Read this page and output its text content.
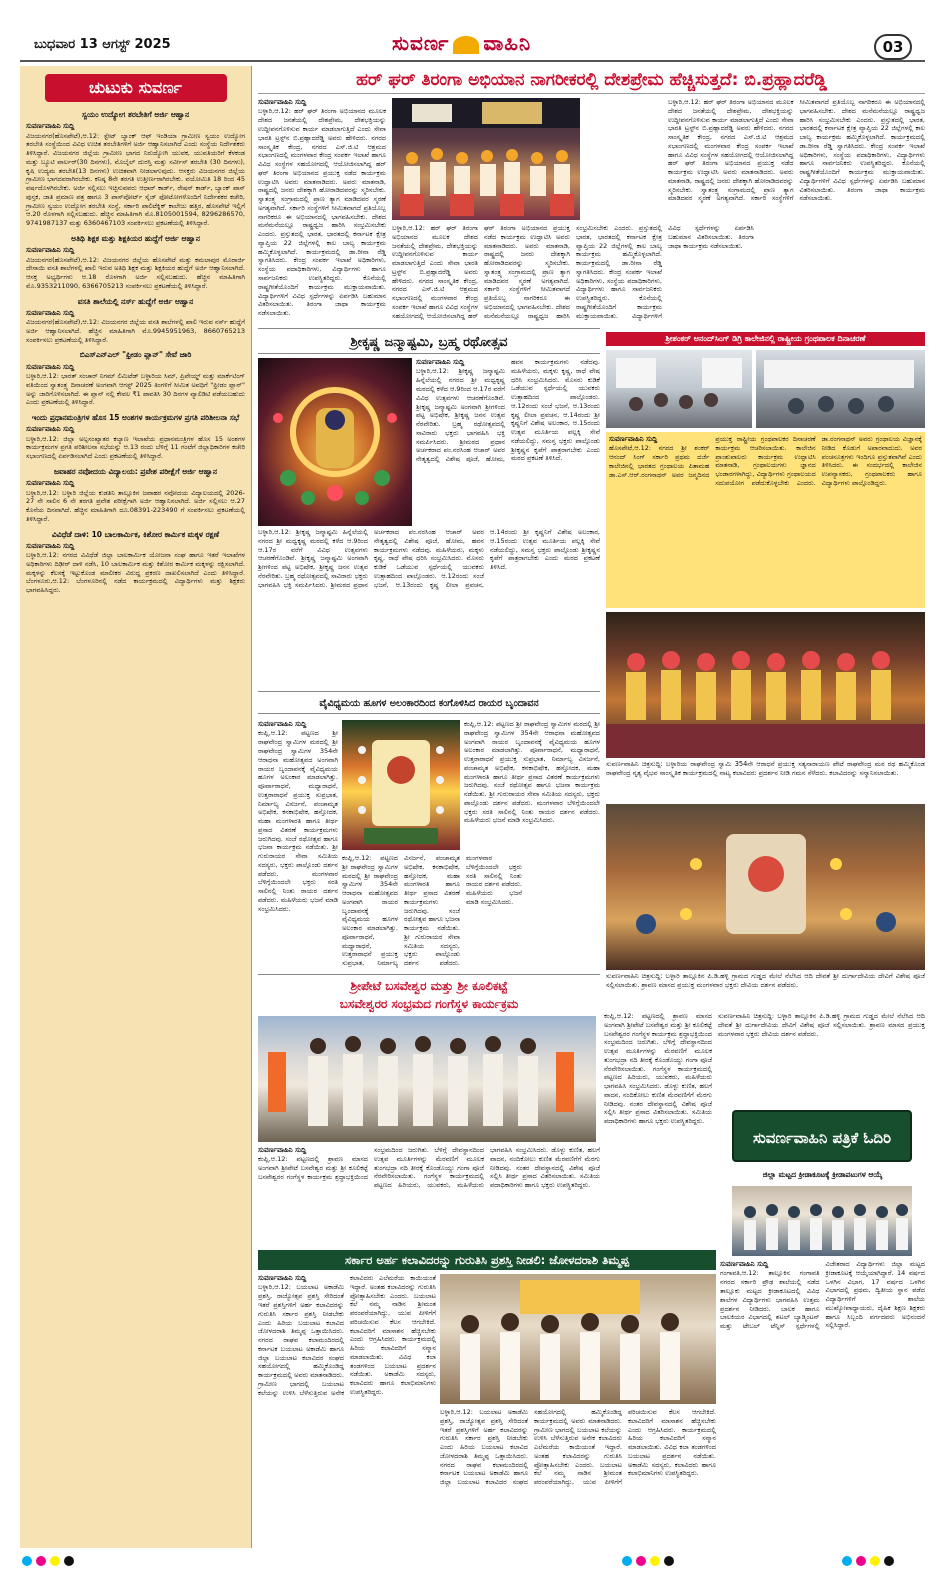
ಬುಧವಾರ 13 ಆಗಸ್ಟ್ 2025	ಸುವರ್ಣ ವಾಹಿನಿ	03
ಚುಟುಕು ಸುವರ್ಣ
ಸ್ವಯಂ ಉದ್ಯೋಗ ತರಬೇತಿಗೆ ಅರ್ಜಿ ಆಹ್ವಾನ
ಸುವರ್ಣವಾಹಿನಿ ಸುದ್ದಿ

ವಿಜಯನಗರ(ಹೊಸಪೇಟೆ),ಆ.12: ಸ್ಟೇಟ್ ಬ್ಯಾಂಕ್ ಆಫ್ ಇಂಡಿಯಾ ಗ್ರಾಮೀಣ ಸ್ವಯಂ ಉದ್ಯೋಗ ತರಬೇತಿ ಸಂಸ್ಥೆಯಿಂದ ವಿವಿಧ ಉಚಿತ ತರಬೇತಿಗಳಿಗೆ ಅರ್ಜಿ ಆಹ್ವಾನಿಸಲಾಗಿದೆ ಎಂದು ಸಂಸ್ಥೆಯ ನಿರ್ದೇಶಕರು ತಿಳಿಸಿದ್ದಾರೆ. ವಿಜಯನಗರ ಜಿಲ್ಲೆಯ ಗ್ರಾಮೀಣ ಭಾಗದ ನಿರುದ್ಯೋಗಿ ಯುವಕ, ಯುವತಿಯರಿಗೆ ಕೆಳಕಂಡ ಮತ್ತು ಬ್ಯೂಟಿ ಪಾರ್ಲರ್(30 ದಿನಗಳು), ಮೊಬೈಲ್ ದುರಸ್ತಿ ಮತ್ತು ಸರ್ವೀಸ್ ತರಬೇತಿ (30 ದಿನಗಳು), ಕೃಷಿ ಉದ್ಯಮ ತರಬೇತಿ(13 ದಿನಗಳು) ಉಚಿತವಾಗಿ ನೀಡಲಾಗುವುದು. ಆಸಕ್ತರು ವಿಜಯನಗರ ಜಿಲ್ಲೆಯ ಗ್ರಾಮೀಣ ಭಾಗದವರಾಗಿರಬೇಕು. ಕನಿಷ್ಠ 8ನೇ ತರಗತಿ ಉತ್ತೀರ್ಣರಾಗಿರಬೇಕು. ವಯೋಮಿತಿ 18 ರಿಂದ 45 ವರ್ಷದೊಳಗಿರಬೇಕು. ಅರ್ಜಿ ಸಲ್ಲಿಸಲು ಇಚ್ಛಿಸುವವರು ಆಧಾರ್ ಕಾರ್ಡ್, ರೇಷನ್ ಕಾರ್ಡ್, ಬ್ಯಾಂಕ್ ಪಾಸ್ ಪುಸ್ತಕ, ಜಾತಿ ಪ್ರಮಾಣ ಪತ್ರ ಹಾಗೂ 3 ಪಾಸ್‌ಪೋರ್ಟ್ ಸೈಜ್ ಫೋಟೋಗಳೊಂದಿಗೆ ನಿರ್ದೇಶಕರ ಕಚೇರಿ, ಗ್ರಾಮೀಣ ಸ್ವಯಂ ಉದ್ಯೋಗ ತರಬೇತಿ ಸಂಸ್ಥೆ, ಸರ್ಕಾರಿ ಪಾಲಿಟೆಕ್ನಿಕ್ ಕಾಲೇಜು ಹತ್ತಿರ, ಹೊಸಪೇಟೆ ಇಲ್ಲಿಗೆ ಆ.20 ರೊಳಗಾಗಿ ಸಲ್ಲಿಸಬಹುದು. ಹೆಚ್ಚಿನ ಮಾಹಿತಿಗಾಗಿ ಮೊ.8105001594, 8296286570, 9741987137 ಮತ್ತು 6360467103 ಸಂಪರ್ಕಿಸಲು ಪ್ರಕಟಣೆಯಲ್ಲಿ ತಿಳಿಸಿದ್ದಾರೆ.

ಅತಿಥಿ ಶಿಕ್ಷಕ ಮತ್ತು ಶಿಕ್ಷಕಿಯರ ಹುದ್ದೆಗೆ ಅರ್ಜಿ ಆಹ್ವಾನ
ಸುವರ್ಣವಾಹಿನಿ ಸುದ್ದಿ

ವಿಜಯನಗರ(ಹೊಸಪೇಟೆ),ಆ.12: ವಿಜಯನಗರ ಜಿಲ್ಲೆಯ ಹೊಸಪೇಟೆ ಮತ್ತು ಕಮಲಾಪುರ ಮೊರಾರ್ಜಿ ದೇಸಾಯಿ ವಸತಿ ಶಾಲೆಗಳಲ್ಲಿ ಖಾಲಿ ಇರುವ ಅತಿಥಿ ಶಿಕ್ಷಕ ಮತ್ತು ಶಿಕ್ಷಕಿಯರ ಹುದ್ದೆಗೆ ಅರ್ಜಿ ಆಹ್ವಾನಿಸಲಾಗಿದೆ. ಆಸಕ್ತ ಅಭ್ಯರ್ಥಿಗಳು ಆ.18 ರೊಳಗಾಗಿ ಅರ್ಜಿ ಸಲ್ಲಿಸಬಹುದು. ಹೆಚ್ಚಿನ ಮಾಹಿತಿಗಾಗಿ ಮೊ.9353211090, 6366705213 ಸಂಪರ್ಕಿಸಲು ಪ್ರಕಟಣೆಯಲ್ಲಿ ತಿಳಿಸಿದ್ದಾರೆ.

ವಸತಿ ಶಾಲೆಯಲ್ಲಿ ನರ್ಸ್ ಹುದ್ದೆಗೆ ಅರ್ಜಿ ಆಹ್ವಾನ
ಸುವರ್ಣವಾಹಿನಿ ಸುದ್ದಿ

ವಿಜಯನಗರ(ಹೊಸಪೇಟೆ),ಆ.12: ವಿಜಯನಗರ ಜಿಲ್ಲೆಯ ವಸತಿ ಶಾಲೆಗಳಲ್ಲಿ ಖಾಲಿ ಇರುವ ನರ್ಸ್ ಹುದ್ದೆಗೆ ಅರ್ಜಿ ಆಹ್ವಾನಿಸಲಾಗಿದೆ. ಹೆಚ್ಚಿನ ಮಾಹಿತಿಗಾಗಿ ಮೊ.9945951963, 8660765213 ಸಂಪರ್ಕಿಸಲು ಪ್ರಕಟಣೆಯಲ್ಲಿ ತಿಳಿಸಿದ್ದಾರೆ.

ಬಿಎಸ್‌ಎನ್‌ಎಲ್ "ಫ್ರೀಡಂ ಪ್ಲಾನ್" ಸೇವೆ ಜಾರಿ
ಸುವರ್ಣವಾಹಿನಿ ಸುದ್ದಿ

ಬಳ್ಳಾರಿ,ಆ.12: ಭಾರತ್ ಸಂಚಾರ್ ನಿಗಮ್ ಲಿಮಿಟೆಡ್ ಬಳ್ಳಾರಿಯ ಸಿಮ್, ಪ್ರಿಪೇಯ್ಡ್ ಮತ್ತು ಮಾರ್ಕೆಟಿಂಗ್ ವತಿಯಿಂದ ಸ್ವಾತಂತ್ರ್ಯ ದಿನಾಚರಣೆ ಅಂಗವಾಗಿ ಆಗಸ್ಟ್ 2025 ತಿಂಗಳಿಗೆ ಸೀಮಿತ ಅವಧಿಗೆ "ಫ್ರೀಡಂ ಪ್ಲಾನ್" ಅನ್ನು ಜಾರಿಗೊಳಿಸಲಾಗಿದೆ. ಈ ಪ್ಲಾನ್ ನಲ್ಲಿ ಕೇವಲ ₹1 ಪಾವತಿಸಿ 30 ದಿನಗಳ ವ್ಯಾಲಿಡಿಟಿ ಪಡೆಯಬಹುದು ಎಂದು ಪ್ರಕಟಣೆಯಲ್ಲಿ ತಿಳಿಸಿದ್ದಾರೆ.

ಇಂದು ಪ್ರಧಾನಮಂತ್ರಿಗಳ ಹೊಸ 15 ಅಂಶಗಳ ಕಾರ್ಯಕ್ರಮಗಳ ಪ್ರಗತಿ ಪರಿಶೀಲನಾ ಸಭೆ
ಸುವರ್ಣವಾಹಿನಿ ಸುದ್ದಿ

ಬಳ್ಳಾರಿ,ಆ.12: ಜಿಲ್ಲಾ ಅಲ್ಪಸಂಖ್ಯಾತರ ಕಲ್ಯಾಣ ಇಲಾಖೆಯ ಪ್ರಧಾನಮಂತ್ರಿಗಳ ಹೊಸ 15 ಅಂಶಗಳ ಕಾರ್ಯಕ್ರಮಗಳ ಪ್ರಗತಿ ಪರಿಶೀಲನಾ ಸಭೆಯನ್ನು ಆ.13 ರಂದು ಬೆಳಿಗ್ಗೆ 11 ಗಂಟೆಗೆ ಜಿಲ್ಲಾಧಿಕಾರಿಗಳ ಕಚೇರಿ ಸಭಾಂಗಣದಲ್ಲಿ ಏರ್ಪಡಿಸಲಾಗಿದೆ ಎಂದು ಪ್ರಕಟಣೆಯಲ್ಲಿ ತಿಳಿಸಿದ್ದಾರೆ.

ಜವಾಹರ ನವೋದಯ ವಿದ್ಯಾಲಯ: ಪ್ರವೇಶ ಪರೀಕ್ಷೆಗೆ ಅರ್ಜಿ ಆಹ್ವಾನ
ಸುವರ್ಣವಾಹಿನಿ ಸುದ್ದಿ

ಬಳ್ಳಾರಿ,ಆ.12: ಬಳ್ಳಾರಿ ಜಿಲ್ಲೆಯ ಕುಡತಿನಿ ತಾಲ್ಲೂಕಿನ ಜವಾಹರ ನವೋದಯ ವಿದ್ಯಾಲಯದಲ್ಲಿ 2026-27 ನೇ ಸಾಲಿನ 6 ನೇ ತರಗತಿ ಪ್ರವೇಶ ಪರೀಕ್ಷೆಗಾಗಿ ಅರ್ಜಿ ಆಹ್ವಾನಿಸಲಾಗಿದೆ. ಅರ್ಜಿ ಸಲ್ಲಿಸಲು ಆ.27 ಕೊನೆಯ ದಿನವಾಗಿದೆ. ಹೆಚ್ಚಿನ ಮಾಹಿತಿಗಾಗಿ ದೂ.08391-223490 ಗೆ ಸಂಪರ್ಕಿಸಲು ಪ್ರಕಟಣೆಯಲ್ಲಿ ತಿಳಿಸಿದ್ದಾರೆ.

ವಿವಿಧೆಡೆ ದಾಳಿ: 10 ಬಾಲಕಾರ್ಮಿಕ, ಕಿಶೋರ ಕಾರ್ಮಿಕ ಮಕ್ಕಳ ರಕ್ಷಣೆ
ಸುವರ್ಣವಾಹಿನಿ ಸುದ್ದಿ

ಬಳ್ಳಾರಿ,ಆ.12: ನಗರದ ವಿವಿಧೆಡೆ ಜಿಲ್ಲಾ ಬಾಲಕಾರ್ಮಿಕ ಯೋಜನಾ ಸಂಘ ಹಾಗೂ ಇತರೆ ಇಲಾಖೆಗಳ ಅಧಿಕಾರಿಗಳು ದಿಢೀರ್ ದಾಳಿ ನಡೆಸಿ, 10 ಬಾಲಕಾರ್ಮಿಕ ಮತ್ತು ಕಿಶೋರ ಕಾರ್ಮಿಕ ಮಕ್ಕಳನ್ನು ರಕ್ಷಿಸಲಾಗಿದೆ. ಮಕ್ಕಳನ್ನು ಕೆಲಸಕ್ಕೆ ಇಟ್ಟುಕೊಂಡ ಮಾಲೀಕರ ವಿರುದ್ಧ ಪ್ರಕರಣ ದಾಖಲಿಸಲಾಗಿದೆ ಎಂದು ತಿಳಿಸಿದ್ದಾರೆ. ಬೆಂಗಳೂರು,ಆ.12: ಬೆಂಗಳೂರಿನಲ್ಲಿ ನಡೆದ ಕಾರ್ಯಕ್ರಮದಲ್ಲಿ ವಿದ್ಯಾರ್ಥಿಗಳು ಮತ್ತು ಶಿಕ್ಷಕರು ಭಾಗವಹಿಸಿದ್ದರು.

ಹರ್ ಘರ್ ತಿರಂಗಾ ಅಭಿಯಾನ ನಾಗರೀಕರಲ್ಲಿ ದೇಶಪ್ರೇಮ ಹೆಚ್ಚಿಸುತ್ತದೆ: ಬಿ.ಪ್ರಹ್ಲಾದರೆಡ್ಡಿ
ಸುವರ್ಣವಾಹಿನಿ ಸುದ್ದಿ
ಬಳ್ಳಾರಿ,ಆ.12: ಹರ್ ಘರ್ ತಿರಂಗಾ ಅಭಿಯಾನದ ಮೂಲಕ ದೇಶದ ಜನತೆಯಲ್ಲಿ ದೇಶಪ್ರೇಮ, ದೇಶಭಕ್ತಿಯನ್ನು ಉದ್ದೀಪನಗೊಳಿಸುವ ಕಾರ್ಯ ಮಾಡಲಾಗುತ್ತಿದೆ ಎಂದು ಸೇವಾ ಭಾರತಿ ಟ್ರಸ್ಟ್‌ನ ಬಿ.ಪ್ರಹ್ಲಾದರೆಡ್ಡಿ ಅವರು ಹೇಳಿದರು. ನಗರದ ಸಾಂಸ್ಕೃತಿಕ ಕೇಂದ್ರ, ನಗರದ ಎಸ್.ಜಿ.ಟಿ ಆಶ್ರಮದ ಸಭಾಂಗಣದಲ್ಲಿ ಮಂಗಳವಾರ ಕೇಂದ್ರ ಸಂಪರ್ಕ ಇಲಾಖೆ ಹಾಗೂ ವಿವಿಧ ಸಂಸ್ಥೆಗಳ ಸಹಯೋಗದಲ್ಲಿ ಆಯೋಜಿಸಲಾಗಿದ್ದ ಹರ್ ಘರ್ ತಿರಂಗಾ ಅಭಿಯಾನದ ಪ್ರಯುಕ್ತ ನಡೆದ ಕಾರ್ಯಕ್ರಮ ಉದ್ಘಾಟಿಸಿ ಅವರು ಮಾತನಾಡಿದರು. ಅವರು ಮಾತನಾಡಿ, ರಾಷ್ಟ್ರದಲ್ಲಿ ಜನರು ದೇಶಕ್ಕಾಗಿ ಹೋರಾಡಿದವರನ್ನು ಸ್ಮರಿಸಬೇಕು. ಸ್ವಾತಂತ್ರ್ಯ ಸಂಗ್ರಾಮದಲ್ಲಿ ಪ್ರಾಣ ತ್ಯಾಗ ಮಾಡಿದವರ ಸ್ಮರಣೆ ಅಗತ್ಯವಾಗಿದೆ. ಸರ್ಕಾರಿ ಸಂಸ್ಥೆಗಳಿಗೆ ಸೀಮಿತವಾಗದೆ ಪ್ರತಿಯೊಬ್ಬ ನಾಗರಿಕರೂ ಈ ಅಭಿಯಾನದಲ್ಲಿ ಭಾಗವಹಿಸಬೇಕು. ದೇಶದ ಮನೆಮನೆಯಲ್ಲೂ ರಾಷ್ಟ್ರಧ್ವಜ ಹಾರಿಸಿ ಸಂಭ್ರಮಿಸಬೇಕು ಎಂದರು. ಪ್ರಸ್ತುತದಲ್ಲಿ ಭಾರತ, ಭಾರತದಲ್ಲಿ ಕರ್ನಾಟಕ ಕ್ಷೇತ್ರ ವ್ಯಾಪ್ತಿಯ 22 ಜಿಲ್ಲೆಗಳಲ್ಲಿ ಕಾಲ ಬಾಲ್ಯ ಕಾರ್ಯಕ್ರಮ ಹಮ್ಮಿಕೊಳ್ಳಲಾಗಿದೆ. ಕಾರ್ಯಕ್ರಮದಲ್ಲಿ ಡಾ.ರೀನಾ ರೆಡ್ಡಿ ಸ್ವಾಗತಿಸಿದರು. ಕೇಂದ್ರ ಸಂಪರ್ಕ ಇಲಾಖೆ ಅಧಿಕಾರಿಗಳು, ಸಂಸ್ಥೆಯ ಪದಾಧಿಕಾರಿಗಳು, ವಿದ್ಯಾರ್ಥಿಗಳು ಹಾಗೂ ಸಾರ್ವಜನಿಕರು ಉಪಸ್ಥಿತರಿದ್ದರು. ಕೊನೆಯಲ್ಲಿ ರಾಷ್ಟ್ರಗೀತೆಯೊಂದಿಗೆ ಕಾರ್ಯಕ್ರಮ ಮುಕ್ತಾಯವಾಯಿತು. ವಿದ್ಯಾರ್ಥಿಗಳಿಗೆ ವಿವಿಧ ಸ್ಪರ್ಧೆಗಳನ್ನು ಏರ್ಪಡಿಸಿ ಬಹುಮಾನ ವಿತರಿಸಲಾಯಿತು. ತಿರಂಗಾ ಜಾಥಾ ಕಾರ್ಯಕ್ರಮ ನಡೆಸಲಾಯಿತು.
ಬಳ್ಳಾರಿ,ಆ.12: ಹರ್ ಘರ್ ತಿರಂಗಾ ಅಭಿಯಾನದ ಮೂಲಕ ದೇಶದ ಜನತೆಯಲ್ಲಿ ದೇಶಪ್ರೇಮ, ದೇಶಭಕ್ತಿಯನ್ನು ಉದ್ದೀಪನಗೊಳಿಸುವ ಕಾರ್ಯ ಮಾಡಲಾಗುತ್ತಿದೆ ಎಂದು ಸೇವಾ ಭಾರತಿ ಟ್ರಸ್ಟ್‌ನ ಬಿ.ಪ್ರಹ್ಲಾದರೆಡ್ಡಿ ಅವರು ಹೇಳಿದರು. ನಗರದ ಸಾಂಸ್ಕೃತಿಕ ಕೇಂದ್ರ, ನಗರದ ಎಸ್.ಜಿ.ಟಿ ಆಶ್ರಮದ ಸಭಾಂಗಣದಲ್ಲಿ ಮಂಗಳವಾರ ಕೇಂದ್ರ ಸಂಪರ್ಕ ಇಲಾಖೆ ಹಾಗೂ ವಿವಿಧ ಸಂಸ್ಥೆಗಳ ಸಹಯೋಗದಲ್ಲಿ ಆಯೋಜಿಸಲಾಗಿದ್ದ ಹರ್ ಘರ್ ತಿರಂಗಾ ಅಭಿಯಾನದ ಪ್ರಯುಕ್ತ ನಡೆದ ಕಾರ್ಯಕ್ರಮ ಉದ್ಘಾಟಿಸಿ ಅವರು ಮಾತನಾಡಿದರು. ಅವರು ಮಾತನಾಡಿ, ರಾಷ್ಟ್ರದಲ್ಲಿ ಜನರು ದೇಶಕ್ಕಾಗಿ ಹೋರಾಡಿದವರನ್ನು ಸ್ಮರಿಸಬೇಕು. ಸ್ವಾತಂತ್ರ್ಯ ಸಂಗ್ರಾಮದಲ್ಲಿ ಪ್ರಾಣ ತ್ಯಾಗ ಮಾಡಿದವರ ಸ್ಮರಣೆ ಅಗತ್ಯವಾಗಿದೆ. ಸರ್ಕಾರಿ ಸಂಸ್ಥೆಗಳಿಗೆ ಸೀಮಿತವಾಗದೆ ಪ್ರತಿಯೊಬ್ಬ ನಾಗರಿಕರೂ ಈ ಅಭಿಯಾನದಲ್ಲಿ ಭಾಗವಹಿಸಬೇಕು. ದೇಶದ ಮನೆಮನೆಯಲ್ಲೂ ರಾಷ್ಟ್ರಧ್ವಜ ಹಾರಿಸಿ ಸಂಭ್ರಮಿಸಬೇಕು ಎಂದರು. ಪ್ರಸ್ತುತದಲ್ಲಿ ಭಾರತ, ಭಾರತದಲ್ಲಿ ಕರ್ನಾಟಕ ಕ್ಷೇತ್ರ ವ್ಯಾಪ್ತಿಯ 22 ಜಿಲ್ಲೆಗಳಲ್ಲಿ ಕಾಲ ಬಾಲ್ಯ ಕಾರ್ಯಕ್ರಮ ಹಮ್ಮಿಕೊಳ್ಳಲಾಗಿದೆ. ಕಾರ್ಯಕ್ರಮದಲ್ಲಿ ಡಾ.ರೀನಾ ರೆಡ್ಡಿ ಸ್ವಾಗತಿಸಿದರು. ಕೇಂದ್ರ ಸಂಪರ್ಕ ಇಲಾಖೆ ಅಧಿಕಾರಿಗಳು, ಸಂಸ್ಥೆಯ ಪದಾಧಿಕಾರಿಗಳು, ವಿದ್ಯಾರ್ಥಿಗಳು ಹಾಗೂ ಸಾರ್ವಜನಿಕರು ಉಪಸ್ಥಿತರಿದ್ದರು. ಕೊನೆಯಲ್ಲಿ ರಾಷ್ಟ್ರಗೀತೆಯೊಂದಿಗೆ ಕಾರ್ಯಕ್ರಮ ಮುಕ್ತಾಯವಾಯಿತು. ವಿದ್ಯಾರ್ಥಿಗಳಿಗೆ ವಿವಿಧ ಸ್ಪರ್ಧೆಗಳನ್ನು ಏರ್ಪಡಿಸಿ ಬಹುಮಾನ ವಿತರಿಸಲಾಯಿತು. ತಿರಂಗಾ ಜಾಥಾ ಕಾರ್ಯಕ್ರಮ ನಡೆಸಲಾಯಿತು.
ಬಳ್ಳಾರಿ,ಆ.12: ಹರ್ ಘರ್ ತಿರಂಗಾ ಅಭಿಯಾನದ ಮೂಲಕ ದೇಶದ ಜನತೆಯಲ್ಲಿ ದೇಶಪ್ರೇಮ, ದೇಶಭಕ್ತಿಯನ್ನು ಉದ್ದೀಪನಗೊಳಿಸುವ ಕಾರ್ಯ ಮಾಡಲಾಗುತ್ತಿದೆ ಎಂದು ಸೇವಾ ಭಾರತಿ ಟ್ರಸ್ಟ್‌ನ ಬಿ.ಪ್ರಹ್ಲಾದರೆಡ್ಡಿ ಅವರು ಹೇಳಿದರು. ನಗರದ ಸಾಂಸ್ಕೃತಿಕ ಕೇಂದ್ರ, ನಗರದ ಎಸ್.ಜಿ.ಟಿ ಆಶ್ರಮದ ಸಭಾಂಗಣದಲ್ಲಿ ಮಂಗಳವಾರ ಕೇಂದ್ರ ಸಂಪರ್ಕ ಇಲಾಖೆ ಹಾಗೂ ವಿವಿಧ ಸಂಸ್ಥೆಗಳ ಸಹಯೋಗದಲ್ಲಿ ಆಯೋಜಿಸಲಾಗಿದ್ದ ಹರ್ ಘರ್ ತಿರಂಗಾ ಅಭಿಯಾನದ ಪ್ರಯುಕ್ತ ನಡೆದ ಕಾರ್ಯಕ್ರಮ ಉದ್ಘಾಟಿಸಿ ಅವರು ಮಾತನಾಡಿದರು. ಅವರು ಮಾತನಾಡಿ, ರಾಷ್ಟ್ರದಲ್ಲಿ ಜನರು ದೇಶಕ್ಕಾಗಿ ಹೋರಾಡಿದವರನ್ನು ಸ್ಮರಿಸಬೇಕು. ಸ್ವಾತಂತ್ರ್ಯ ಸಂಗ್ರಾಮದಲ್ಲಿ ಪ್ರಾಣ ತ್ಯಾಗ ಮಾಡಿದವರ ಸ್ಮರಣೆ ಅಗತ್ಯವಾಗಿದೆ. ಸರ್ಕಾರಿ ಸಂಸ್ಥೆಗಳಿಗೆ ಸೀಮಿತವಾಗದೆ ಪ್ರತಿಯೊಬ್ಬ ನಾಗರಿಕರೂ ಈ ಅಭಿಯಾನದಲ್ಲಿ ಭಾಗವಹಿಸಬೇಕು. ದೇಶದ ಮನೆಮನೆಯಲ್ಲೂ ರಾಷ್ಟ್ರಧ್ವಜ ಹಾರಿಸಿ ಸಂಭ್ರಮಿಸಬೇಕು ಎಂದರು. ಪ್ರಸ್ತುತದಲ್ಲಿ ಭಾರತ, ಭಾರತದಲ್ಲಿ ಕರ್ನಾಟಕ ಕ್ಷೇತ್ರ ವ್ಯಾಪ್ತಿಯ 22 ಜಿಲ್ಲೆಗಳಲ್ಲಿ ಕಾಲ ಬಾಲ್ಯ ಕಾರ್ಯಕ್ರಮ ಹಮ್ಮಿಕೊಳ್ಳಲಾಗಿದೆ. ಕಾರ್ಯಕ್ರಮದಲ್ಲಿ ಡಾ.ರೀನಾ ರೆಡ್ಡಿ ಸ್ವಾಗತಿಸಿದರು. ಕೇಂದ್ರ ಸಂಪರ್ಕ ಇಲಾಖೆ ಅಧಿಕಾರಿಗಳು, ಸಂಸ್ಥೆಯ ಪದಾಧಿಕಾರಿಗಳು, ವಿದ್ಯಾರ್ಥಿಗಳು ಹಾಗೂ ಸಾರ್ವಜನಿಕರು ಉಪಸ್ಥಿತರಿದ್ದರು. ಕೊನೆಯಲ್ಲಿ ರಾಷ್ಟ್ರಗೀತೆಯೊಂದಿಗೆ ಕಾರ್ಯಕ್ರಮ ಮುಕ್ತಾಯವಾಯಿತು. ವಿದ್ಯಾರ್ಥಿಗಳಿಗೆ ವಿವಿಧ ಸ್ಪರ್ಧೆಗಳನ್ನು ಏರ್ಪಡಿಸಿ ಬಹುಮಾನ ವಿತರಿಸಲಾಯಿತು. ತಿರಂಗಾ ಜಾಥಾ ಕಾರ್ಯಕ್ರಮ ನಡೆಸಲಾಯಿತು.
ಶ್ರೀಕೃಷ್ಣ ಜನ್ಮಾಷ್ಟಮಿ, ಬ್ರಹ್ಮ ರಥೋತ್ಸವ
ಸುವರ್ಣವಾಹಿನಿ ಸುದ್ದಿ
ಬಳ್ಳಾರಿ,ಆ.12: ಶ್ರೀಕೃಷ್ಣ ಜನ್ಮಾಷ್ಟಮಿ ಹಿನ್ನೆಲೆಯಲ್ಲಿ ನಗರದ ಶ್ರೀ ಮಧ್ವಕೃಷ್ಣ ಮಠದಲ್ಲಿ ಕಳೆದ ಆ.9ರಿಂದ ಆ.17ರ ವರೆಗೆ ವಿವಿಧ ಉತ್ಸವಗಳು ಆಚರಣೆಗೊಂಡಿವೆ. ಶ್ರೀಕೃಷ್ಣ ಜನ್ಮಾಷ್ಟಮಿ ಅಂಗವಾಗಿ ಶ್ರೀಗಳಿಂದ ಪಟ್ಟ ಅಭಿಷೇಕ, ಶ್ರೀಕೃಷ್ಣ ಜನನ ಉತ್ಸವ ನೆರವೇರಿತು. ಬ್ರಹ್ಮ ರಥೋತ್ಸವದಲ್ಲಿ ಸಾವಿರಾರು ಭಕ್ತರು ಭಾಗವಹಿಸಿ ಭಕ್ತಿ ಸಮರ್ಪಿಸಿದರು. ಶ್ರೀಮಠದ ಪ್ರಧಾನ ಅರ್ಚಕರಾದ ಪಂ.ನರಸಿಂಹ ಆಚಾರ್ ಅವರ ನೇತೃತ್ವದಲ್ಲಿ ವಿಶೇಷ ಪೂಜೆ, ಹೋಮ, ಹವನ ಕಾರ್ಯಕ್ರಮಗಳು ನಡೆದವು. ಮಹಿಳೆಯರು, ಮಕ್ಕಳು ಕೃಷ್ಣ, ರಾಧೆ ವೇಷ ಧರಿಸಿ ಸಂಭ್ರಮಿಸಿದರು. ಮೊಸರು ಕುಡಿಕೆ ಒಡೆಯುವ ಸ್ಪರ್ಧೆಯಲ್ಲಿ ಯುವಕರು ಉತ್ಸಾಹದಿಂದ ಪಾಲ್ಗೊಂಡರು. ಆ.12ರಂದು ಸಂಜೆ ಭಜನೆ, ಆ.13ರಂದು ಕೃಷ್ಣ ಲೀಲಾ ಪ್ರವಚನ, ಆ.14ರಂದು ಶ್ರೀ ಕೃಷ್ಣನಿಗೆ ವಿಶೇಷ ಅಲಂಕಾರ, ಆ.15ರಂದು ಉತ್ಸವ ಮೂರ್ತಿಯ ಪಲ್ಲಕ್ಕಿ ಸೇವೆ ನಡೆಯಲಿದ್ದು, ಸಮಸ್ತ ಭಕ್ತರು ಪಾಲ್ಗೊಂಡು ಶ್ರೀಕೃಷ್ಣನ ಕೃಪೆಗೆ ಪಾತ್ರರಾಗಬೇಕು ಎಂದು ಮಠದ ಪ್ರಕಟಣೆ ತಿಳಿಸಿದೆ.
ಬಳ್ಳಾರಿ,ಆ.12: ಶ್ರೀಕೃಷ್ಣ ಜನ್ಮಾಷ್ಟಮಿ ಹಿನ್ನೆಲೆಯಲ್ಲಿ ನಗರದ ಶ್ರೀ ಮಧ್ವಕೃಷ್ಣ ಮಠದಲ್ಲಿ ಕಳೆದ ಆ.9ರಿಂದ ಆ.17ರ ವರೆಗೆ ವಿವಿಧ ಉತ್ಸವಗಳು ಆಚರಣೆಗೊಂಡಿವೆ. ಶ್ರೀಕೃಷ್ಣ ಜನ್ಮಾಷ್ಟಮಿ ಅಂಗವಾಗಿ ಶ್ರೀಗಳಿಂದ ಪಟ್ಟ ಅಭಿಷೇಕ, ಶ್ರೀಕೃಷ್ಣ ಜನನ ಉತ್ಸವ ನೆರವೇರಿತು. ಬ್ರಹ್ಮ ರಥೋತ್ಸವದಲ್ಲಿ ಸಾವಿರಾರು ಭಕ್ತರು ಭಾಗವಹಿಸಿ ಭಕ್ತಿ ಸಮರ್ಪಿಸಿದರು. ಶ್ರೀಮಠದ ಪ್ರಧಾನ ಅರ್ಚಕರಾದ ಪಂ.ನರಸಿಂಹ ಆಚಾರ್ ಅವರ ನೇತೃತ್ವದಲ್ಲಿ ವಿಶೇಷ ಪೂಜೆ, ಹೋಮ, ಹವನ ಕಾರ್ಯಕ್ರಮಗಳು ನಡೆದವು. ಮಹಿಳೆಯರು, ಮಕ್ಕಳು ಕೃಷ್ಣ, ರಾಧೆ ವೇಷ ಧರಿಸಿ ಸಂಭ್ರಮಿಸಿದರು. ಮೊಸರು ಕುಡಿಕೆ ಒಡೆಯುವ ಸ್ಪರ್ಧೆಯಲ್ಲಿ ಯುವಕರು ಉತ್ಸಾಹದಿಂದ ಪಾಲ್ಗೊಂಡರು. ಆ.12ರಂದು ಸಂಜೆ ಭಜನೆ, ಆ.13ರಂದು ಕೃಷ್ಣ ಲೀಲಾ ಪ್ರವಚನ, ಆ.14ರಂದು ಶ್ರೀ ಕೃಷ್ಣನಿಗೆ ವಿಶೇಷ ಅಲಂಕಾರ, ಆ.15ರಂದು ಉತ್ಸವ ಮೂರ್ತಿಯ ಪಲ್ಲಕ್ಕಿ ಸೇವೆ ನಡೆಯಲಿದ್ದು, ಸಮಸ್ತ ಭಕ್ತರು ಪಾಲ್ಗೊಂಡು ಶ್ರೀಕೃಷ್ಣನ ಕೃಪೆಗೆ ಪಾತ್ರರಾಗಬೇಕು ಎಂದು ಮಠದ ಪ್ರಕಟಣೆ ತಿಳಿಸಿದೆ.
ವೈವಿಧ್ಯಮಯ ಹೂಗಳ ಅಲಂಕಾರದಿಂದ ಕಂಗೊಳಿಸಿದ ರಾಯರ ಬೃಂದಾವನ
ಸುವರ್ಣವಾಹಿನಿ ಸುದ್ದಿ
ಕಂಪ್ಲಿ,ಆ.12: ಪಟ್ಟಣದ ಶ್ರೀ ರಾಘವೇಂದ್ರ ಸ್ವಾಮಿಗಳ ಮಠದಲ್ಲಿ ಶ್ರೀ ರಾಘವೇಂದ್ರ ಸ್ವಾಮಿಗಳ 354ನೇ ಆರಾಧನಾ ಮಹೋತ್ಸವದ ಅಂಗವಾಗಿ ರಾಯರ ಬೃಂದಾವನಕ್ಕೆ ವೈವಿಧ್ಯಮಯ ಹೂಗಳ ಅಲಂಕಾರ ಮಾಡಲಾಗಿತ್ತು. ಪೂರ್ವಾರಾಧನೆ, ಮಧ್ಯಾರಾಧನೆ, ಉತ್ತರಾರಾಧನೆ ಪ್ರಯುಕ್ತ ಸುಪ್ರಭಾತ, ನಿರ್ಮಾಲ್ಯ ವಿಸರ್ಜನೆ, ಪಂಚಾಮೃತ ಅಭಿಷೇಕ, ಕನಕಾಭಿಷೇಕ, ಹಸ್ತೋದಕ, ಮಹಾ ಮಂಗಳಾರತಿ ಹಾಗೂ ತೀರ್ಥ ಪ್ರಸಾದ ವಿತರಣೆ ಕಾರ್ಯಕ್ರಮಗಳು ಜರುಗಿದವು. ಸಂಜೆ ರಥೋತ್ಸವ ಹಾಗೂ ಭಜನಾ ಕಾರ್ಯಕ್ರಮ ನಡೆಯಿತು. ಶ್ರೀ ಗುರುರಾಯರ ಸೇವಾ ಸಮಿತಿಯ ಸದಸ್ಯರು, ಭಕ್ತರು ಪಾಲ್ಗೊಂಡು ದರ್ಶನ ಪಡೆದರು. ಮಂಗಳವಾರ ಬೆಳಿಗ್ಗೆಯಿಂದಲೇ ಭಕ್ತರು ಸರತಿ ಸಾಲಿನಲ್ಲಿ ನಿಂತು ರಾಯರ ದರ್ಶನ ಪಡೆದರು. ಮಹಿಳೆಯರು ಭಜನೆ ಮಾಡಿ ಸಂಭ್ರಮಿಸಿದರು.
ಕಂಪ್ಲಿ,ಆ.12: ಪಟ್ಟಣದ ಶ್ರೀ ರಾಘವೇಂದ್ರ ಸ್ವಾಮಿಗಳ ಮಠದಲ್ಲಿ ಶ್ರೀ ರಾಘವೇಂದ್ರ ಸ್ವಾಮಿಗಳ 354ನೇ ಆರಾಧನಾ ಮಹೋತ್ಸವದ ಅಂಗವಾಗಿ ರಾಯರ ಬೃಂದಾವನಕ್ಕೆ ವೈವಿಧ್ಯಮಯ ಹೂಗಳ ಅಲಂಕಾರ ಮಾಡಲಾಗಿತ್ತು. ಪೂರ್ವಾರಾಧನೆ, ಮಧ್ಯಾರಾಧನೆ, ಉತ್ತರಾರಾಧನೆ ಪ್ರಯುಕ್ತ ಸುಪ್ರಭಾತ, ನಿರ್ಮಾಲ್ಯ ವಿಸರ್ಜನೆ, ಪಂಚಾಮೃತ ಅಭಿಷೇಕ, ಕನಕಾಭಿಷೇಕ, ಹಸ್ತೋದಕ, ಮಹಾ ಮಂಗಳಾರತಿ ಹಾಗೂ ತೀರ್ಥ ಪ್ರಸಾದ ವಿತರಣೆ ಕಾರ್ಯಕ್ರಮಗಳು ಜರುಗಿದವು. ಸಂಜೆ ರಥೋತ್ಸವ ಹಾಗೂ ಭಜನಾ ಕಾರ್ಯಕ್ರಮ ನಡೆಯಿತು. ಶ್ರೀ ಗುರುರಾಯರ ಸೇವಾ ಸಮಿತಿಯ ಸದಸ್ಯರು, ಭಕ್ತರು ಪಾಲ್ಗೊಂಡು ದರ್ಶನ ಪಡೆದರು. ಮಂಗಳವಾರ ಬೆಳಿಗ್ಗೆಯಿಂದಲೇ ಭಕ್ತರು ಸರತಿ ಸಾಲಿನಲ್ಲಿ ನಿಂತು ರಾಯರ ದರ್ಶನ ಪಡೆದರು. ಮಹಿಳೆಯರು ಭಜನೆ ಮಾಡಿ ಸಂಭ್ರಮಿಸಿದರು.
ಕಂಪ್ಲಿ,ಆ.12: ಪಟ್ಟಣದ ಶ್ರೀ ರಾಘವೇಂದ್ರ ಸ್ವಾಮಿಗಳ ಮಠದಲ್ಲಿ ಶ್ರೀ ರಾಘವೇಂದ್ರ ಸ್ವಾಮಿಗಳ 354ನೇ ಆರಾಧನಾ ಮಹೋತ್ಸವದ ಅಂಗವಾಗಿ ರಾಯರ ಬೃಂದಾವನಕ್ಕೆ ವೈವಿಧ್ಯಮಯ ಹೂಗಳ ಅಲಂಕಾರ ಮಾಡಲಾಗಿತ್ತು. ಪೂರ್ವಾರಾಧನೆ, ಮಧ್ಯಾರಾಧನೆ, ಉತ್ತರಾರಾಧನೆ ಪ್ರಯುಕ್ತ ಸುಪ್ರಭಾತ, ನಿರ್ಮಾಲ್ಯ ವಿಸರ್ಜನೆ, ಪಂಚಾಮೃತ ಅಭಿಷೇಕ, ಕನಕಾಭಿಷೇಕ, ಹಸ್ತೋದಕ, ಮಹಾ ಮಂಗಳಾರತಿ ಹಾಗೂ ತೀರ್ಥ ಪ್ರಸಾದ ವಿತರಣೆ ಕಾರ್ಯಕ್ರಮಗಳು ಜರುಗಿದವು. ಸಂಜೆ ರಥೋತ್ಸವ ಹಾಗೂ ಭಜನಾ ಕಾರ್ಯಕ್ರಮ ನಡೆಯಿತು. ಶ್ರೀ ಗುರುರಾಯರ ಸೇವಾ ಸಮಿತಿಯ ಸದಸ್ಯರು, ಭಕ್ತರು ಪಾಲ್ಗೊಂಡು ದರ್ಶನ ಪಡೆದರು. ಮಂಗಳವಾರ ಬೆಳಿಗ್ಗೆಯಿಂದಲೇ ಭಕ್ತರು ಸರತಿ ಸಾಲಿನಲ್ಲಿ ನಿಂತು ರಾಯರ ದರ್ಶನ ಪಡೆದರು. ಮಹಿಳೆಯರು ಭಜನೆ ಮಾಡಿ ಸಂಭ್ರಮಿಸಿದರು.
ಶ್ರೀಶಂಕರ್ ಆನಂದ್‌ಸಿಂಗ್ ಡಿಗ್ರಿ ಕಾಲೇಜಿನಲ್ಲಿ ರಾಷ್ಟ್ರೀಯ ಗ್ರಂಥಪಾಲಕ ದಿನಾಚರಣೆ
ಸುವರ್ಣವಾಹಿನಿ ಸುದ್ದಿ
ಹೊಸಪೇಟೆ,ಆ.12: ನಗರದ ಶ್ರೀ ಶಂಕರ್ ಆನಂದ್ ಸಿಂಗ್ ಸರ್ಕಾರಿ ಪ್ರಥಮ ದರ್ಜೆ ಕಾಲೇಜಿನಲ್ಲಿ ಭಾರತದ ಗ್ರಂಥಾಲಯ ಪಿತಾಮಹ ಡಾ.ಎಸ್.ಆರ್.ರಂಗನಾಥನ್ ಅವರ ಜನ್ಮದಿನದ ಪ್ರಯುಕ್ತ ರಾಷ್ಟ್ರೀಯ ಗ್ರಂಥಪಾಲಕರ ದಿನಾಚರಣೆ ಕಾರ್ಯಕ್ರಮ ಆಚರಿಸಲಾಯಿತು. ಕಾಲೇಜಿನ ಪ್ರಾಂಶುಪಾಲರು ಕಾರ್ಯಕ್ರಮ ಉದ್ಘಾಟಿಸಿ ಮಾತನಾಡಿ, ಗ್ರಂಥಾಲಯಗಳು ಜ್ಞಾನದ ಭಂಡಾರಗಳಾಗಿದ್ದು, ವಿದ್ಯಾರ್ಥಿಗಳು ಗ್ರಂಥಾಲಯದ ಸದುಪಯೋಗ ಪಡೆದುಕೊಳ್ಳಬೇಕು ಎಂದರು. ಡಾ.ರಂಗನಾಥನ್ ಅವರು ಗ್ರಂಥಾಲಯ ವಿಜ್ಞಾನಕ್ಕೆ ನೀಡಿದ ಕೊಡುಗೆ ಅಪಾರವಾದುದು. ಅವರ ಪಂಚಸೂತ್ರಗಳು ಇಂದಿಗೂ ಪ್ರಸ್ತುತವಾಗಿವೆ ಎಂದು ತಿಳಿಸಿದರು. ಈ ಸಂದರ್ಭದಲ್ಲಿ ಕಾಲೇಜಿನ ಉಪನ್ಯಾಸಕರು, ಗ್ರಂಥಪಾಲಕರು ಹಾಗೂ ವಿದ್ಯಾರ್ಥಿಗಳು ಪಾಲ್ಗೊಂಡಿದ್ದರು.
ಸುವರ್ಣವಾಹಿನಿ ಚಿತ್ರಸುದ್ದಿ: ಬಳ್ಳಾರಿಯ ರಾಘವೇಂದ್ರ ಸ್ವಾಮಿ 354ನೇ ಆರಾಧನೆ ಪ್ರಯುಕ್ತ ಸತ್ಯನಾರಾಯಣ ಪೇಟೆ ರಾಘವೇಂದ್ರ ಮಠ ರಥ ಹಮ್ಮಿಕೊಂಡ ರಾಘವೇಂದ್ರ ನೃತ್ಯ ವೈಭವ ಸಾಂಸ್ಕೃತಿಕ ಕಾರ್ಯಕ್ರಮದಲ್ಲಿ ನಾಟ್ಯ ಕಲಾವಿದರು ಪ್ರದರ್ಶನ ನೀಡಿ ಗಮನ ಸೆಳೆದರು. ಕಲಾವಿದರನ್ನು ಸನ್ಮಾನಿಸಲಾಯಿತು.
ಸುವರ್ಣವಾಹಿನಿ ಚಿತ್ರಸುದ್ದಿ: ಬಳ್ಳಾರಿ ತಾಲ್ಲೂಕಿನ ಪಿ.ಡಿ.ಹಳ್ಳಿ ಗ್ರಾಮದ ಗುಡ್ಡದ ಮೇಲೆ ನೆಲೆಸಿದ ಆದಿ ದೇವತೆ ಶ್ರೀ ದುರ್ಗಾದೇವಿಯ ದೇವಿಗೆ ವಿಶೇಷ ಪೂಜೆ ಸಲ್ಲಿಸಲಾಯಿತು. ಶ್ರಾವಣ ಮಾಸದ ಪ್ರಯುಕ್ತ ಮಂಗಳವಾರ ಭಕ್ತರು ದೇವಿಯ ದರ್ಶನ ಪಡೆದರು.
ಶ್ರೀಪೇಟೆ ಬಸವೇಶ್ವರ ಮತ್ತು ಶ್ರೀ ಕೂಲಿಕಟ್ಟೆ
ಬಸವೇಶ್ವರರ ಸಂಭ್ರಮದ ಗಂಗೆಸ್ಥಳ ಕಾರ್ಯಕ್ರಮ
ಸುವರ್ಣವಾಹಿನಿ ಸುದ್ದಿ
ಕಂಪ್ಲಿ,ಆ.12: ಪಟ್ಟಣದಲ್ಲಿ ಶ್ರಾವಣ ಮಾಸದ ಅಂಗವಾಗಿ ಶ್ರೀಪೇಟೆ ಬಸವೇಶ್ವರ ಮತ್ತು ಶ್ರೀ ಕೂಲಿಕಟ್ಟೆ ಬಸವೇಶ್ವರರ ಗಂಗೆಸ್ಥಳ ಕಾರ್ಯಕ್ರಮ ಶ್ರದ್ಧಾಭಕ್ತಿಯಿಂದ ಸಂಭ್ರಮದಿಂದ ಜರುಗಿತು. ಬೆಳಿಗ್ಗೆ ದೇವಸ್ಥಾನದಿಂದ ಉತ್ಸವ ಮೂರ್ತಿಗಳನ್ನು ಮೆರವಣಿಗೆ ಮೂಲಕ ತುಂಗಭದ್ರಾ ನದಿ ತೀರಕ್ಕೆ ಕೊಂಡೊಯ್ದು ಗಂಗಾ ಪೂಜೆ ನೆರವೇರಿಸಲಾಯಿತು. ಗಂಗೆಸ್ಥಳ ಕಾರ್ಯಕ್ರಮದಲ್ಲಿ ಪಟ್ಟಣದ ಹಿರಿಯರು, ಯುವಕರು, ಮಹಿಳೆಯರು ಭಾಗವಹಿಸಿ ಸಂಭ್ರಮಿಸಿದರು. ಡೊಳ್ಳು ಕುಣಿತ, ಹಲಗೆ ವಾದನ, ನಂದಿಕೋಲು ಕುಣಿತ ಮೆರವಣಿಗೆಗೆ ಮೆರಗು ನೀಡಿದವು. ನಂತರ ದೇವಸ್ಥಾನದಲ್ಲಿ ವಿಶೇಷ ಪೂಜೆ ಸಲ್ಲಿಸಿ ತೀರ್ಥ ಪ್ರಸಾದ ವಿತರಿಸಲಾಯಿತು. ಸಮಿತಿಯ ಪದಾಧಿಕಾರಿಗಳು ಹಾಗೂ ಭಕ್ತರು ಉಪಸ್ಥಿತರಿದ್ದರು.
ಕಂಪ್ಲಿ,ಆ.12: ಪಟ್ಟಣದಲ್ಲಿ ಶ್ರಾವಣ ಮಾಸದ ಅಂಗವಾಗಿ ಶ್ರೀಪೇಟೆ ಬಸವೇಶ್ವರ ಮತ್ತು ಶ್ರೀ ಕೂಲಿಕಟ್ಟೆ ಬಸವೇಶ್ವರರ ಗಂಗೆಸ್ಥಳ ಕಾರ್ಯಕ್ರಮ ಶ್ರದ್ಧಾಭಕ್ತಿಯಿಂದ ಸಂಭ್ರಮದಿಂದ ಜರುಗಿತು. ಬೆಳಿಗ್ಗೆ ದೇವಸ್ಥಾನದಿಂದ ಉತ್ಸವ ಮೂರ್ತಿಗಳನ್ನು ಮೆರವಣಿಗೆ ಮೂಲಕ ತುಂಗಭದ್ರಾ ನದಿ ತೀರಕ್ಕೆ ಕೊಂಡೊಯ್ದು ಗಂಗಾ ಪೂಜೆ ನೆರವೇರಿಸಲಾಯಿತು. ಗಂಗೆಸ್ಥಳ ಕಾರ್ಯಕ್ರಮದಲ್ಲಿ ಪಟ್ಟಣದ ಹಿರಿಯರು, ಯುವಕರು, ಮಹಿಳೆಯರು ಭಾಗವಹಿಸಿ ಸಂಭ್ರಮಿಸಿದರು. ಡೊಳ್ಳು ಕುಣಿತ, ಹಲಗೆ ವಾದನ, ನಂದಿಕೋಲು ಕುಣಿತ ಮೆರವಣಿಗೆಗೆ ಮೆರಗು ನೀಡಿದವು. ನಂತರ ದೇವಸ್ಥಾನದಲ್ಲಿ ವಿಶೇಷ ಪೂಜೆ ಸಲ್ಲಿಸಿ ತೀರ್ಥ ಪ್ರಸಾದ ವಿತರಿಸಲಾಯಿತು. ಸಮಿತಿಯ ಪದಾಧಿಕಾರಿಗಳು ಹಾಗೂ ಭಕ್ತರು ಉಪಸ್ಥಿತರಿದ್ದರು.
ಸುವರ್ಣವಾಹಿನಿ ಚಿತ್ರಸುದ್ದಿ: ಬಳ್ಳಾರಿ ತಾಲ್ಲೂಕಿನ ಪಿ.ಡಿ.ಹಳ್ಳಿ ಗ್ರಾಮದ ಗುಡ್ಡದ ಮೇಲೆ ನೆಲೆಸಿದ ಆದಿ ದೇವತೆ ಶ್ರೀ ದುರ್ಗಾದೇವಿಯ ದೇವಿಗೆ ವಿಶೇಷ ಪೂಜೆ ಸಲ್ಲಿಸಲಾಯಿತು. ಶ್ರಾವಣ ಮಾಸದ ಪ್ರಯುಕ್ತ ಮಂಗಳವಾರ ಭಕ್ತರು ದೇವಿಯ ದರ್ಶನ ಪಡೆದರು.
ಸುವರ್ಣವಾಹಿನಿ ಪತ್ರಿಕೆ ಓದಿರಿ
ಜಿಲ್ಲಾ ಮಟ್ಟದ ಕ್ರೀಡಾಕೂಟಕ್ಕೆ ಕ್ರೀಡಾಪಟುಗಳ ಆಯ್ಕೆ
ಸುವರ್ಣವಾಹಿನಿ ಸುದ್ದಿ
ಗಂಗಾವತಿ,ಆ.12: ತಾಲ್ಲೂಕಿನ ಗಂಗಾವತಿ ನಗರದ ಸರ್ಕಾರಿ ಪ್ರೌಢ ಶಾಲೆಯಲ್ಲಿ ನಡೆದ ತಾಲ್ಲೂಕು ಮಟ್ಟದ ಕ್ರೀಡಾಕೂಟದಲ್ಲಿ ವಿವಿಧ ಶಾಲೆಗಳ ವಿದ್ಯಾರ್ಥಿಗಳು ಭಾಗವಹಿಸಿ ಉತ್ತಮ ಪ್ರದರ್ಶನ ನೀಡಿದರು. ಬಾಲಕ ಹಾಗೂ ಬಾಲಕಿಯರ ವಿಭಾಗದಲ್ಲಿ ಶಟಲ್ ಬ್ಯಾಡ್ಮಿಂಟನ್ ಮತ್ತು ಟೇಬಲ್ ಟೆನ್ನಿಸ್ ಸ್ಪರ್ಧೆಗಳಲ್ಲಿ ವಿಜೇತರಾದ ವಿದ್ಯಾರ್ಥಿಗಳು ಜಿಲ್ಲಾ ಮಟ್ಟದ ಕ್ರೀಡಾಕೂಟಕ್ಕೆ ಆಯ್ಕೆಯಾಗಿದ್ದಾರೆ. 14 ವರ್ಷದ ಒಳಗಿನ ವಿಭಾಗ, 17 ವರ್ಷದ ಒಳಗಿನ ವಿಭಾಗದಲ್ಲಿ ಪ್ರಥಮ, ದ್ವಿತೀಯ ಸ್ಥಾನ ಪಡೆದ ವಿದ್ಯಾರ್ಥಿಗಳಿಗೆ ಶಾಲೆಯ ಮುಖ್ಯೋಪಾಧ್ಯಾಯರು, ದೈಹಿಕ ಶಿಕ್ಷಣ ಶಿಕ್ಷಕರು ಹಾಗೂ ಸಿಬ್ಬಂದಿ ವರ್ಗದವರು ಅಭಿನಂದನೆ ಸಲ್ಲಿಸಿದ್ದಾರೆ.
ಸರ್ಕಾರ ಅರ್ಹ ಕಲಾವಿದರನ್ನು ಗುರುತಿಸಿ ಪ್ರಶಸ್ತಿ ನೀಡಲಿ: ಜೋಳದರಾಶಿ ತಿಮ್ಮಪ್ಪ
ಸುವರ್ಣವಾಹಿನಿ ಸುದ್ದಿ
ಬಳ್ಳಾರಿ,ಆ.12: ಬಯಲಾಟ ಅಕಾಡೆಮಿ ಪ್ರಶಸ್ತಿ, ರಾಜ್ಯೋತ್ಸವ ಪ್ರಶಸ್ತಿ ಸೇರಿದಂತೆ ಇತರೆ ಪ್ರಶಸ್ತಿಗಳಿಗೆ ಅರ್ಹ ಕಲಾವಿದರನ್ನು ಗುರುತಿಸಿ ಸರ್ಕಾರ ಪ್ರಶಸ್ತಿ ನೀಡಬೇಕು ಎಂದು ಹಿರಿಯ ಬಯಲಾಟ ಕಲಾವಿದ ಜೋಳದರಾಶಿ ತಿಮ್ಮಪ್ಪ ಒತ್ತಾಯಿಸಿದರು. ನಗರದ ರಾಘವ ಕಲಾಮಂದಿರದಲ್ಲಿ ಕರ್ನಾಟಕ ಬಯಲಾಟ ಅಕಾಡೆಮಿ ಹಾಗೂ ಜಿಲ್ಲಾ ಬಯಲಾಟ ಕಲಾವಿದರ ಸಂಘದ ಸಹಯೋಗದಲ್ಲಿ ಹಮ್ಮಿಕೊಂಡಿದ್ದ ಕಾರ್ಯಕ್ರಮದಲ್ಲಿ ಅವರು ಮಾತನಾಡಿದರು. ಗ್ರಾಮೀಣ ಭಾಗದಲ್ಲಿ ಬಯಲಾಟ ಕಲೆಯನ್ನು ಉಳಿಸಿ ಬೆಳೆಸುತ್ತಿರುವ ಅನೇಕ ಕಲಾವಿದರು ಎಲೆಮರೆಯ ಕಾಯಿಯಂತೆ ಇದ್ದಾರೆ. ಅಂತಹ ಕಲಾವಿದರನ್ನು ಗುರುತಿಸಿ ಪ್ರೋತ್ಸಾಹಿಸಬೇಕು ಎಂದರು. ಬಯಲಾಟ ಕಲೆ ನಮ್ಮ ನಾಡಿನ ಶ್ರೀಮಂತ ಪರಂಪರೆಯಾಗಿದ್ದು, ಯುವ ಪೀಳಿಗೆಗೆ ಪರಿಚಯಿಸುವ ಕೆಲಸ ಆಗಬೇಕಿದೆ. ಕಲಾವಿದರಿಗೆ ಮಾಸಾಶನ ಹೆಚ್ಚಿಸಬೇಕು ಎಂದು ಆಗ್ರಹಿಸಿದರು. ಕಾರ್ಯಕ್ರಮದಲ್ಲಿ ಹಿರಿಯ ಕಲಾವಿದರಿಗೆ ಸನ್ಮಾನ ಮಾಡಲಾಯಿತು. ವಿವಿಧ ಕಲಾ ತಂಡಗಳಿಂದ ಬಯಲಾಟ ಪ್ರದರ್ಶನ ನಡೆಯಿತು. ಅಕಾಡೆಮಿ ಸದಸ್ಯರು, ಕಲಾವಿದರು ಹಾಗೂ ಕಲಾಭಿಮಾನಿಗಳು ಉಪಸ್ಥಿತರಿದ್ದರು.
ಬಳ್ಳಾರಿ,ಆ.12: ಬಯಲಾಟ ಅಕಾಡೆಮಿ ಪ್ರಶಸ್ತಿ, ರಾಜ್ಯೋತ್ಸವ ಪ್ರಶಸ್ತಿ ಸೇರಿದಂತೆ ಇತರೆ ಪ್ರಶಸ್ತಿಗಳಿಗೆ ಅರ್ಹ ಕಲಾವಿದರನ್ನು ಗುರುತಿಸಿ ಸರ್ಕಾರ ಪ್ರಶಸ್ತಿ ನೀಡಬೇಕು ಎಂದು ಹಿರಿಯ ಬಯಲಾಟ ಕಲಾವಿದ ಜೋಳದರಾಶಿ ತಿಮ್ಮಪ್ಪ ಒತ್ತಾಯಿಸಿದರು. ನಗರದ ರಾಘವ ಕಲಾಮಂದಿರದಲ್ಲಿ ಕರ್ನಾಟಕ ಬಯಲಾಟ ಅಕಾಡೆಮಿ ಹಾಗೂ ಜಿಲ್ಲಾ ಬಯಲಾಟ ಕಲಾವಿದರ ಸಂಘದ ಸಹಯೋಗದಲ್ಲಿ ಹಮ್ಮಿಕೊಂಡಿದ್ದ ಕಾರ್ಯಕ್ರಮದಲ್ಲಿ ಅವರು ಮಾತನಾಡಿದರು. ಗ್ರಾಮೀಣ ಭಾಗದಲ್ಲಿ ಬಯಲಾಟ ಕಲೆಯನ್ನು ಉಳಿಸಿ ಬೆಳೆಸುತ್ತಿರುವ ಅನೇಕ ಕಲಾವಿದರು ಎಲೆಮರೆಯ ಕಾಯಿಯಂತೆ ಇದ್ದಾರೆ. ಅಂತಹ ಕಲಾವಿದರನ್ನು ಗುರುತಿಸಿ ಪ್ರೋತ್ಸಾಹಿಸಬೇಕು ಎಂದರು. ಬಯಲಾಟ ಕಲೆ ನಮ್ಮ ನಾಡಿನ ಶ್ರೀಮಂತ ಪರಂಪರೆಯಾಗಿದ್ದು, ಯುವ ಪೀಳಿಗೆಗೆ ಪರಿಚಯಿಸುವ ಕೆಲಸ ಆಗಬೇಕಿದೆ. ಕಲಾವಿದರಿಗೆ ಮಾಸಾಶನ ಹೆಚ್ಚಿಸಬೇಕು ಎಂದು ಆಗ್ರಹಿಸಿದರು. ಕಾರ್ಯಕ್ರಮದಲ್ಲಿ ಹಿರಿಯ ಕಲಾವಿದರಿಗೆ ಸನ್ಮಾನ ಮಾಡಲಾಯಿತು. ವಿವಿಧ ಕಲಾ ತಂಡಗಳಿಂದ ಬಯಲಾಟ ಪ್ರದರ್ಶನ ನಡೆಯಿತು. ಅಕಾಡೆಮಿ ಸದಸ್ಯರು, ಕಲಾವಿದರು ಹಾಗೂ ಕಲಾಭಿಮಾನಿಗಳು ಉಪಸ್ಥಿತರಿದ್ದರು.
